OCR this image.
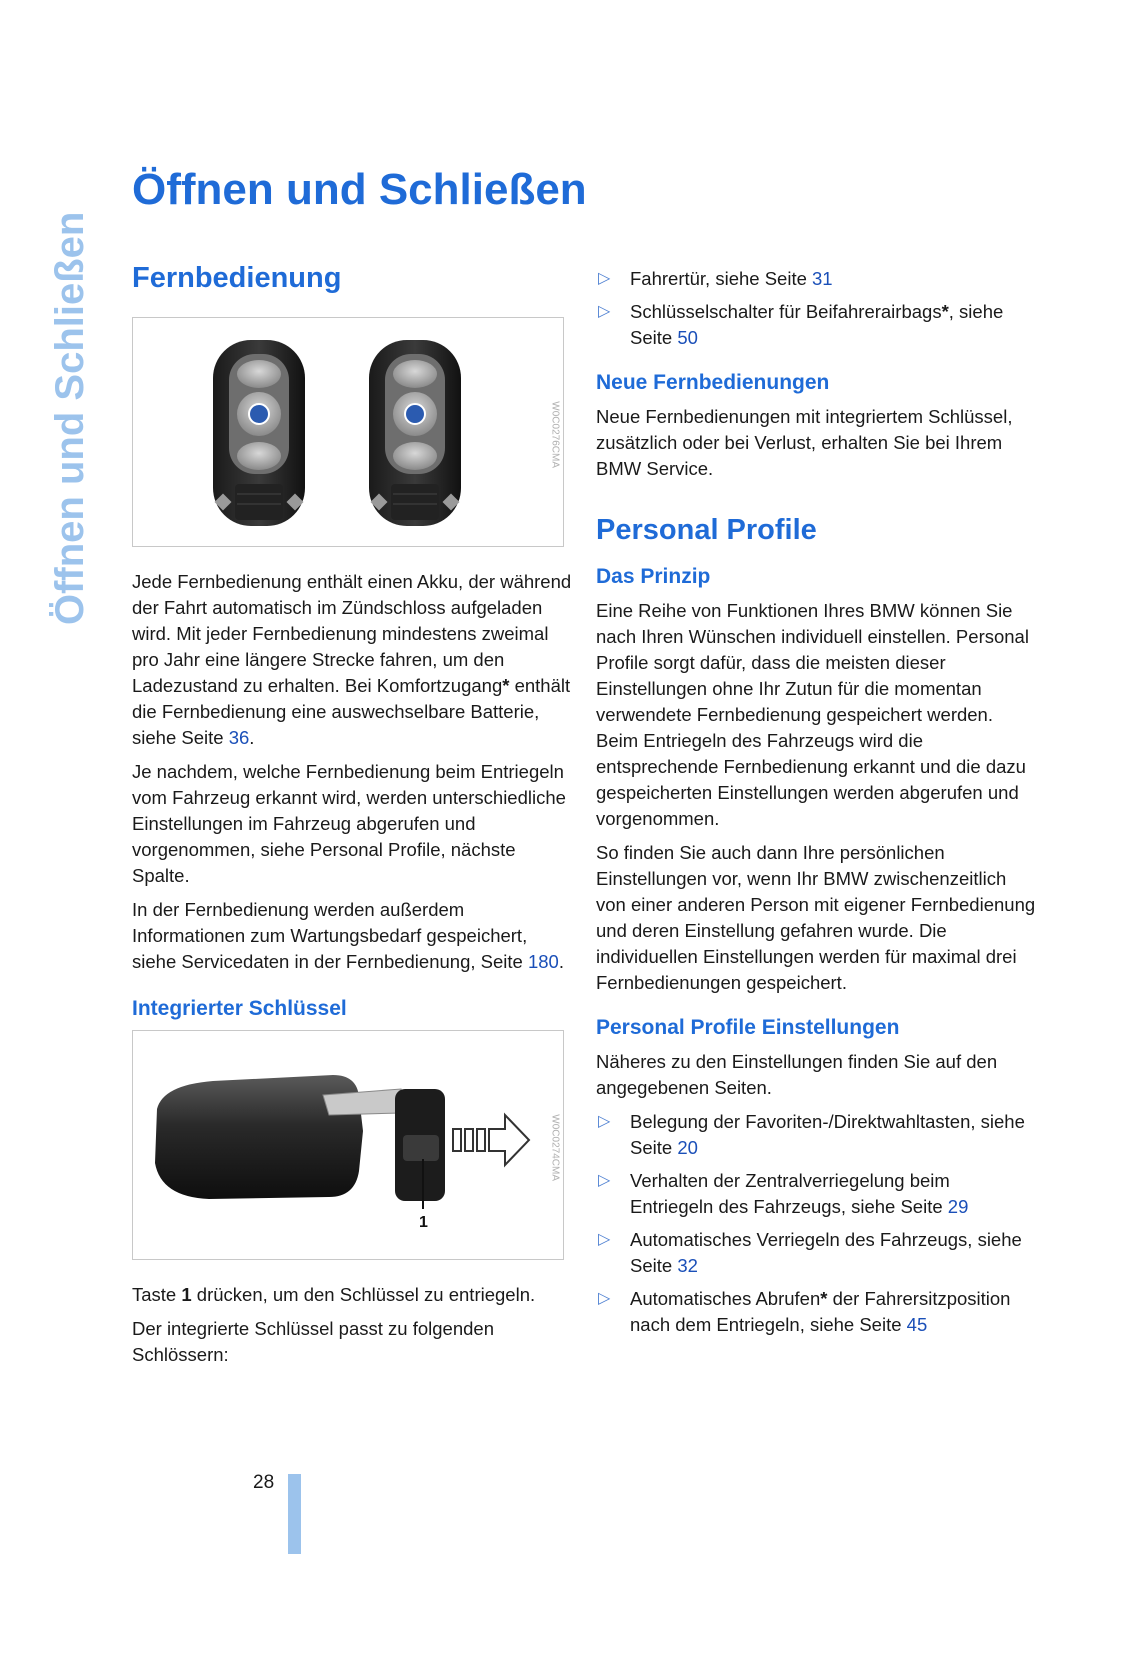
Öffnen und Schließen
Öffnen und Schließen
Fernbedienung
W0C0276CMA

Jede Fernbedienung enthält einen Akku, der während der Fahrt automatisch im Zündschloss aufgeladen wird. Mit jeder Fernbedienung mindestens zweimal pro Jahr eine längere Strecke fahren, um den Ladezustand zu erhalten. Bei Komfortzugang* enthält die Fernbedienung eine auswechselbare Batterie, siehe Seite 36.

Je nachdem, welche Fernbedienung beim Entriegeln vom Fahrzeug erkannt wird, werden unterschiedliche Einstellungen im Fahrzeug abgerufen und vorgenommen, siehe Personal Profile, nächste Spalte.

In der Fernbedienung werden außerdem Informationen zum Wartungsbedarf gespeichert, siehe Servicedaten in der Fernbedienung, Seite 180.

Integrierter Schlüssel
1
W0C0274CMA

Taste 1 drücken, um den Schlüssel zu entriegeln.

Der integrierte Schlüssel passt zu folgenden Schlössern:

▷ Fahrertür, siehe Seite 31
▷ Schlüsselschalter für Beifahrerairbags*, siehe Seite 50
Neue Fernbedienungen

Neue Fernbedienungen mit integriertem Schlüssel, zusätzlich oder bei Verlust, erhalten Sie bei Ihrem BMW Service.

Personal Profile
Das Prinzip

Eine Reihe von Funktionen Ihres BMW können Sie nach Ihren Wünschen individuell einstellen. Personal Profile sorgt dafür, dass die meisten dieser Einstellungen ohne Ihr Zutun für die momentan verwendete Fernbedienung gespeichert werden. Beim Entriegeln des Fahrzeugs wird die entsprechende Fernbedienung erkannt und die dazu gespeicherten Einstellungen werden abgerufen und vorgenommen.

So finden Sie auch dann Ihre persönlichen Einstellungen vor, wenn Ihr BMW zwischenzeitlich von einer anderen Person mit eigener Fernbedienung und deren Einstellung gefahren wurde. Die individuellen Einstellungen werden für maximal drei Fernbedienungen gespeichert.

Personal Profile Einstellungen

Näheres zu den Einstellungen finden Sie auf den angegebenen Seiten.

▷ Belegung der Favoriten-/Direktwahltasten, siehe Seite 20
▷ Verhalten der Zentralverriegelung beim Entriegeln des Fahrzeugs, siehe Seite 29
▷ Automatisches Verriegeln des Fahrzeugs, siehe Seite 32
▷ Automatisches Abrufen* der Fahrersitzposition nach dem Entriegeln, siehe Seite 45
28
